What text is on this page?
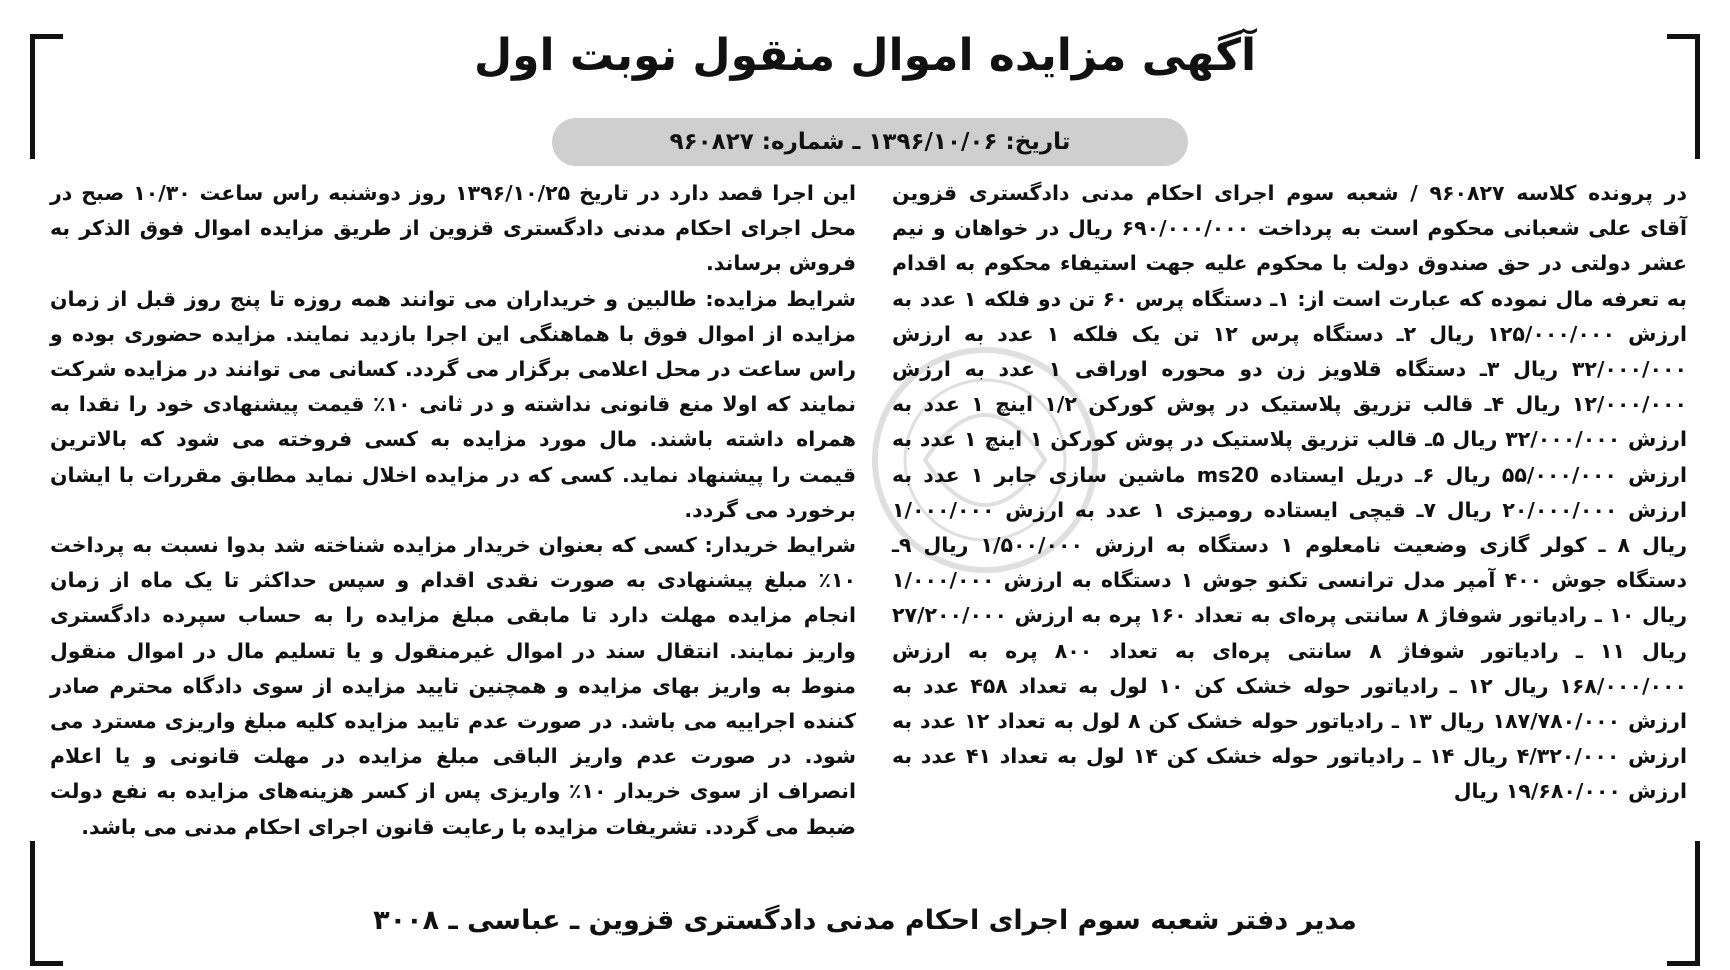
آگهی مزایده اموال منقول نوبت اول
تاریخ: ۱۳۹۶/۱۰/۰۶ ـ شماره: ۹۶۰۸۲۷

در پرونده کلاسه ۹۶۰۸۲۷ / شعبه سوم اجرای احکام مدنی دادگستری قزوین آقای علی شعبانی محکوم است به پرداخت ۶۹۰/۰۰۰/۰۰۰ ریال در خواهان و نیم عشر دولتی در حق صندوق دولت با محکوم علیه جهت استیفاء محکوم به اقدام به تعرفه مال نموده که عبارت است از: ۱ـ دستگاه پرس ۶۰ تن دو فلکه ۱ عدد به ارزش ۱۲۵/۰۰۰/۰۰۰ ریال ۲ـ دستگاه پرس ۱۲ تن یک فلکه ۱ عدد به ارزش ۳۲/۰۰۰/۰۰۰ ریال ۳ـ دستگاه قلاویز زن دو محوره اوراقی ۱ عدد به ارزش ۱۲/۰۰۰/۰۰۰ ریال ۴ـ قالب تزریق پلاستیک در پوش کورکن ۱/۲ اینچ ۱ عدد به ارزش ۳۲/۰۰۰/۰۰۰ ریال ۵ـ قالب تزریق پلاستیک در پوش کورکن ۱ اینچ ۱ عدد به ارزش ۵۵/۰۰۰/۰۰۰ ریال ۶ـ دریل ایستاده ms20 ماشین سازی جابر ۱ عدد به ارزش ۲۰/۰۰۰/۰۰۰ ریال ۷ـ قیچی ایستاده رومیزی ۱ عدد به ارزش ۱/۰۰۰/۰۰۰ ریال ۸ ـ کولر گازی وضعیت نامعلوم ۱ دستگاه به ارزش ۱/۵۰۰/۰۰۰ ریال ۹ـ دستگاه جوش ۴۰۰ آمپر مدل ترانسی تکنو جوش ۱ دستگاه به ارزش ۱/۰۰۰/۰۰۰ ریال ۱۰ ـ رادیاتور شوفاژ ۸ سانتی پره‌ای به تعداد ۱۶۰ پره به ارزش ۲۷/۲۰۰/۰۰۰ ریال ۱۱ ـ رادیاتور شوفاژ ۸ سانتی پره‌ای به تعداد ۸۰۰ پره به ارزش ۱۶۸/۰۰۰/۰۰۰ ریال ۱۲ ـ رادیاتور حوله خشک کن ۱۰ لول به تعداد ۴۵۸ عدد به ارزش ۱۸۷/۷۸۰/۰۰۰ ریال ۱۳ ـ رادیاتور حوله خشک کن ۸ لول به تعداد ۱۲ عدد به ارزش ۴/۳۲۰/۰۰۰ ریال ۱۴ ـ رادیاتور حوله خشک کن ۱۴ لول به تعداد ۴۱ عدد به ارزش ۱۹/۶۸۰/۰۰۰ ریال

این اجرا قصد دارد در تاریخ ۱۳۹۶/۱۰/۲۵ روز دوشنبه راس ساعت ۱۰/۳۰ صبح در محل اجرای احکام مدنی دادگستری قزوین از طریق مزایده اموال فوق الذکر به فروش برساند.

شرایط مزایده: طالبین و خریداران می توانند همه روزه تا پنج روز قبل از زمان مزایده از اموال فوق با هماهنگی این اجرا بازدید نمایند. مزایده حضوری بوده و راس ساعت در محل اعلامی برگزار می گردد. کسانی می توانند در مزایده شرکت نمایند که اولا منع قانونی نداشته و در ثانی ۱۰٪ قیمت پیشنهادی خود را نقدا به همراه داشته باشند. مال مورد مزایده به کسی فروخته می شود که بالاترین قیمت را پیشنهاد نماید. کسی که در مزایده اخلال نماید مطابق مقررات با ایشان برخورد می گردد.

شرایط خریدار: کسی که بعنوان خریدار مزایده شناخته شد بدوا نسبت به پرداخت ۱۰٪ مبلغ پیشنهادی به صورت نقدی اقدام و سپس حداکثر تا یک ماه از زمان انجام مزایده مهلت دارد تا مابقی مبلغ مزایده را به حساب سپرده دادگستری واریز نمایند. انتقال سند در اموال غیرمنقول و یا تسلیم مال در اموال منقول منوط به واریز بهای مزایده و همچنین تایید مزایده از سوی دادگاه محترم صادر کننده اجراییه می باشد. در صورت عدم تایید مزایده کلیه مبلغ واریزی مسترد می شود. در صورت عدم واریز الباقی مبلغ مزایده در مهلت قانونی و یا اعلام انصراف از سوی خریدار ۱۰٪ واریزی پس از کسر هزینه‌های مزایده به نفع دولت ضبط می گردد. تشریفات مزایده با رعایت قانون اجرای احکام مدنی می باشد.

مدیر دفتر شعبه سوم اجرای احکام مدنی دادگستری قزوین ـ عباسی ـ ۳۰۰۸
